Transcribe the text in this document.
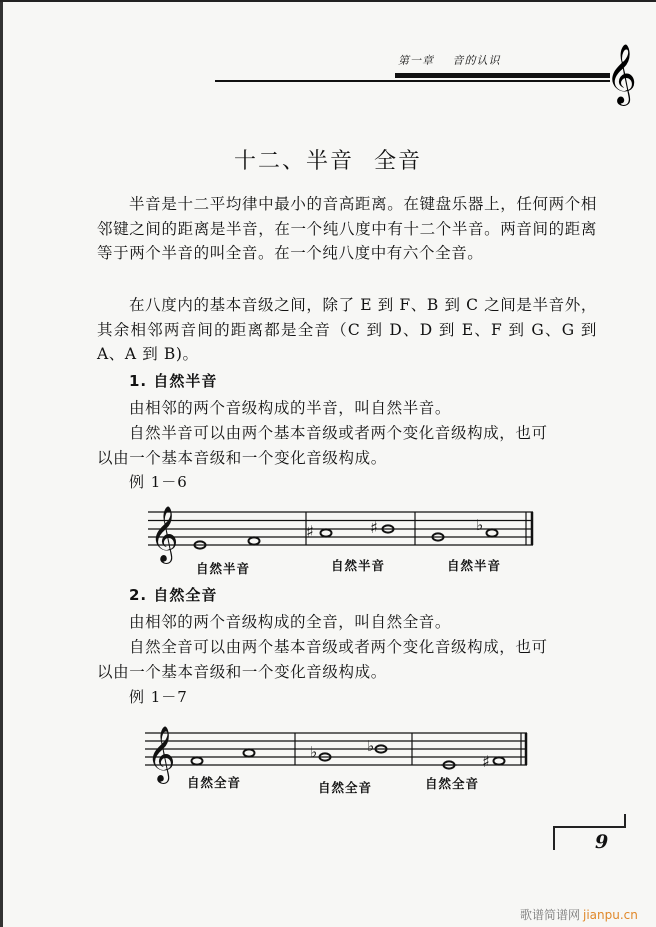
第一章 音的认识 𝄞
十二、半音 全音
半音是十二平均律中最小的音高距离。在键盘乐器上，任何两个相邻键之间的距离是半音，在一个纯八度中有十二个半音。两音间的距离等于两个半音的叫全音。在一个纯八度中有六个全音。
在八度内的基本音级之间，除了 E 到 F、B 到 C 之间是半音外，其余相邻两音间的距离都是全音（C 到 D、D 到 E、F 到 G、G 到 A、A 到 B)。
1. 自然半音
由相邻的两个音级构成的半音，叫自然半音。
自然半音可以由两个基本音级或者两个变化音级构成，也可
以由一个基本音级和一个变化音级构成。
例 1－6
𝄞	♯	♯	♭
自然半音	自然半音	自然半音
2. 自然全音
由相邻的两个音级构成的全音，叫自然全音。
自然全音可以由两个基本音级或者两个变化音级构成，也可
以由一个基本音级和一个变化音级构成。
例 1－7
𝄞	♭	♭
♯
自然全音	自然全音	自然全音
9
歌谱简谱网 jianpu.cn
